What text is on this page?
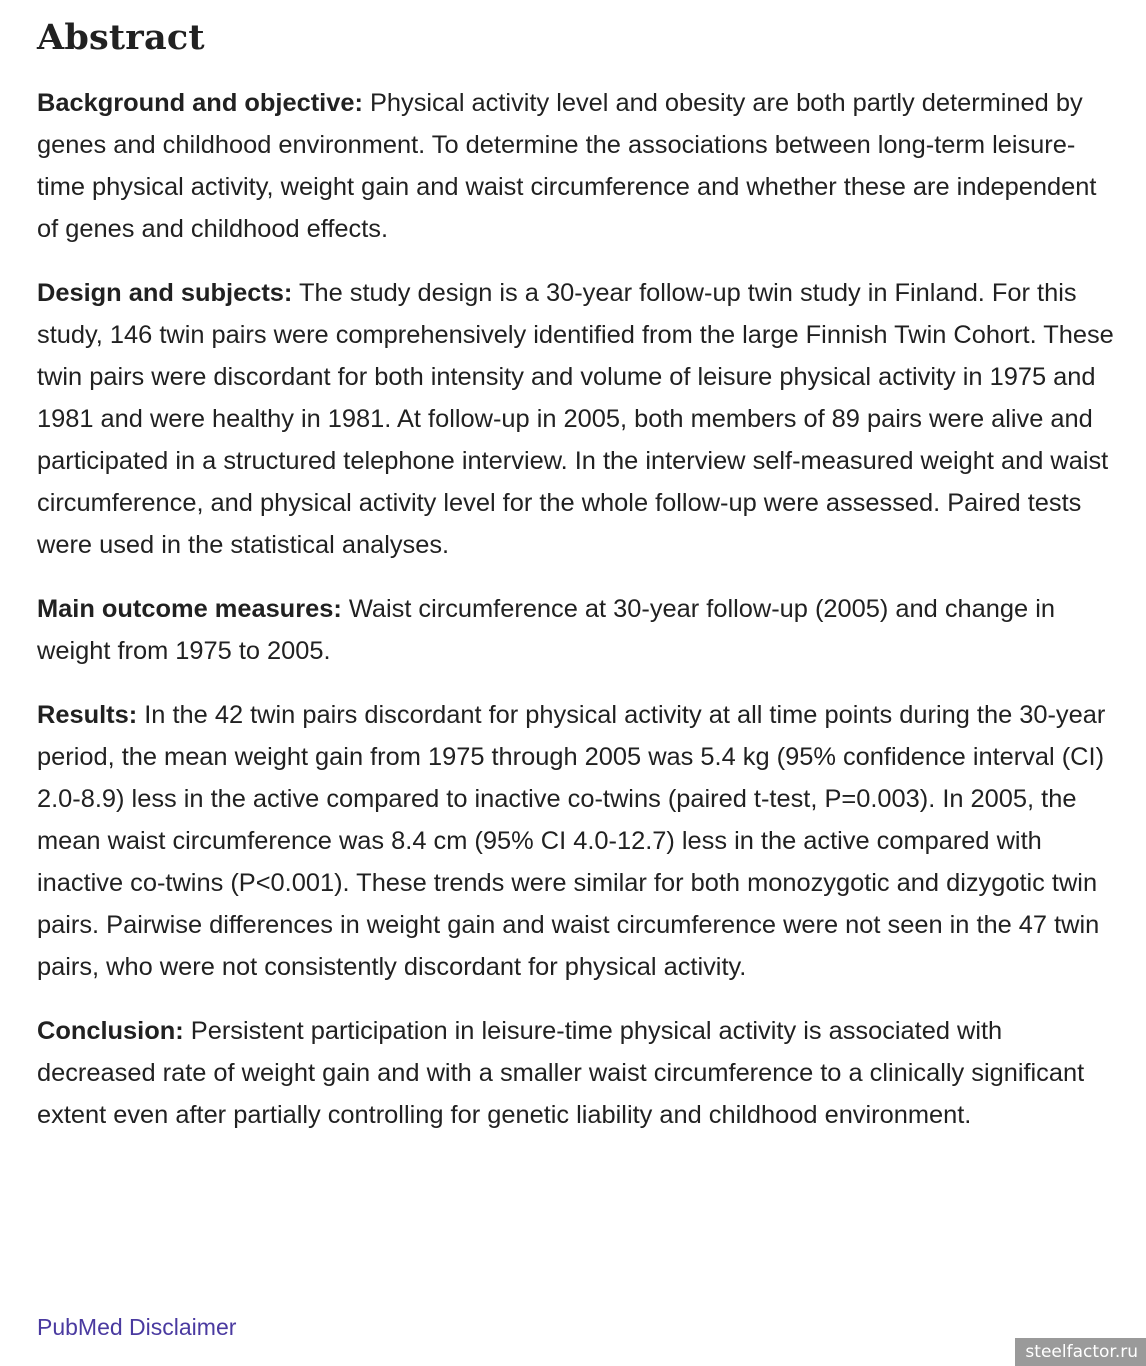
Abstract

Background and objective: Physical activity level and obesity are both partly determined by genes and childhood environment. To determine the associations between long-term leisure-time physical activity, weight gain and waist circumference and whether these are independent of genes and childhood effects.

Design and subjects: The study design is a 30-year follow-up twin study in Finland. For this study, 146 twin pairs were comprehensively identified from the large Finnish Twin Cohort. These twin pairs were discordant for both intensity and volume of leisure physical activity in 1975 and 1981 and were healthy in 1981. At follow-up in 2005, both members of 89 pairs were alive and participated in a structured telephone interview. In the interview self-measured weight and waist circumference, and physical activity level for the whole follow-up were assessed. Paired tests were used in the statistical analyses.

Main outcome measures: Waist circumference at 30-year follow-up (2005) and change in weight from 1975 to 2005.

Results: In the 42 twin pairs discordant for physical activity at all time points during the 30-year period, the mean weight gain from 1975 through 2005 was 5.4 kg (95% confidence interval (CI) 2.0-8.9) less in the active compared to inactive co-twins (paired t-test, P=0.003). In 2005, the mean waist circumference was 8.4 cm (95% CI 4.0-12.7) less in the active compared with inactive co-twins (P<0.001). These trends were similar for both monozygotic and dizygotic twin pairs. Pairwise differences in weight gain and waist circumference were not seen in the 47 twin pairs, who were not consistently discordant for physical activity.

Conclusion: Persistent participation in leisure-time physical activity is associated with decreased rate of weight gain and with a smaller waist circumference to a clinically significant extent even after partially controlling for genetic liability and childhood environment.

PubMed Disclaimer
steelfactor.ru
